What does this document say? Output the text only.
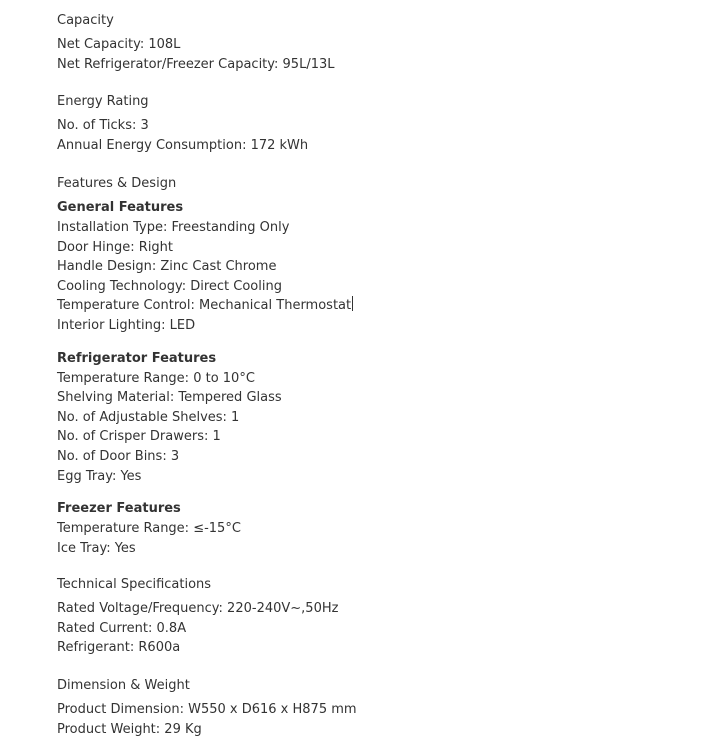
Capacity

Net Capacity: 108L

Net Refrigerator/Freezer Capacity: 95L/13L

Energy Rating

No. of Ticks: 3

Annual Energy Consumption: 172 kWh

Features & Design

General Features

Installation Type: Freestanding Only

Door Hinge: Right

Handle Design: Zinc Cast Chrome

Cooling Technology: Direct Cooling

Temperature Control: Mechanical Thermostat

Interior Lighting: LED

Refrigerator Features

Temperature Range: 0 to 10°C

Shelving Material: Tempered Glass

No. of Adjustable Shelves: 1

No. of Crisper Drawers: 1

No. of Door Bins: 3

Egg Tray: Yes

Freezer Features

Temperature Range: ≤-15°C

Ice Tray: Yes

Technical Specifications

Rated Voltage/Frequency: 220-240V~,50Hz

Rated Current: 0.8A

Refrigerant: R600a

Dimension & Weight

Product Dimension: W550 x D616 x H875 mm

Product Weight: 29 Kg
